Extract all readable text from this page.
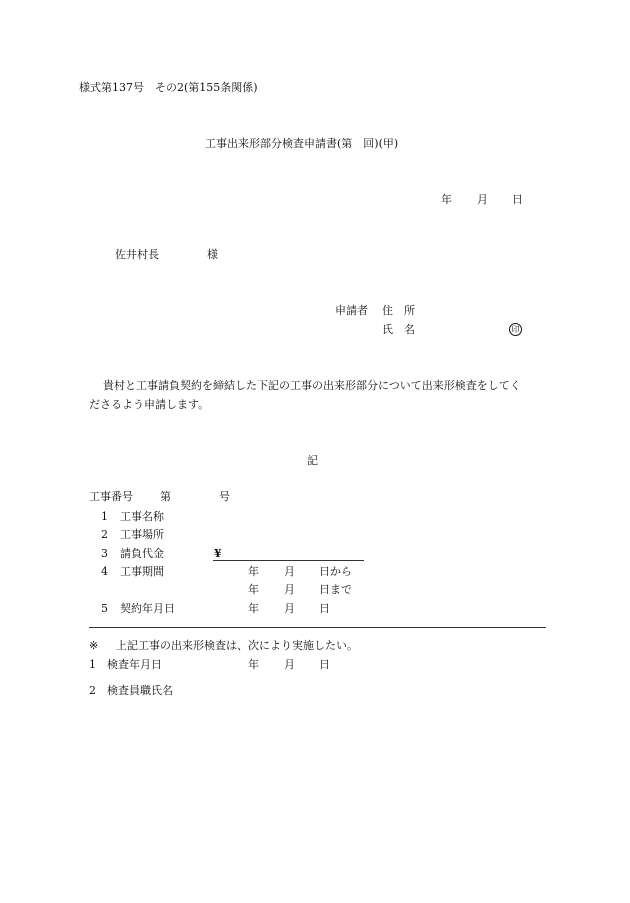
様式第137号　その2(第155条関係)
工事出来形部分検査申請書(第　回)(甲)
年 月 日
佐井村長	様
申請者 住　所
氏　名	印
貴村と工事請負契約を締結した下記の工事の出来形部分について出来形検査をしてく
ださるよう申請します。
記
工事番号 第	号
1 工事名称
2 工事場所
3 請負代金	¥
4 工事期間	年 月 日から
年 月 日まで
5 契約年月日	年 月 日
※ 上記工事の出来形検査は、次により実施したい。
1 検査年月日	年 月 日
2 検査員職氏名
